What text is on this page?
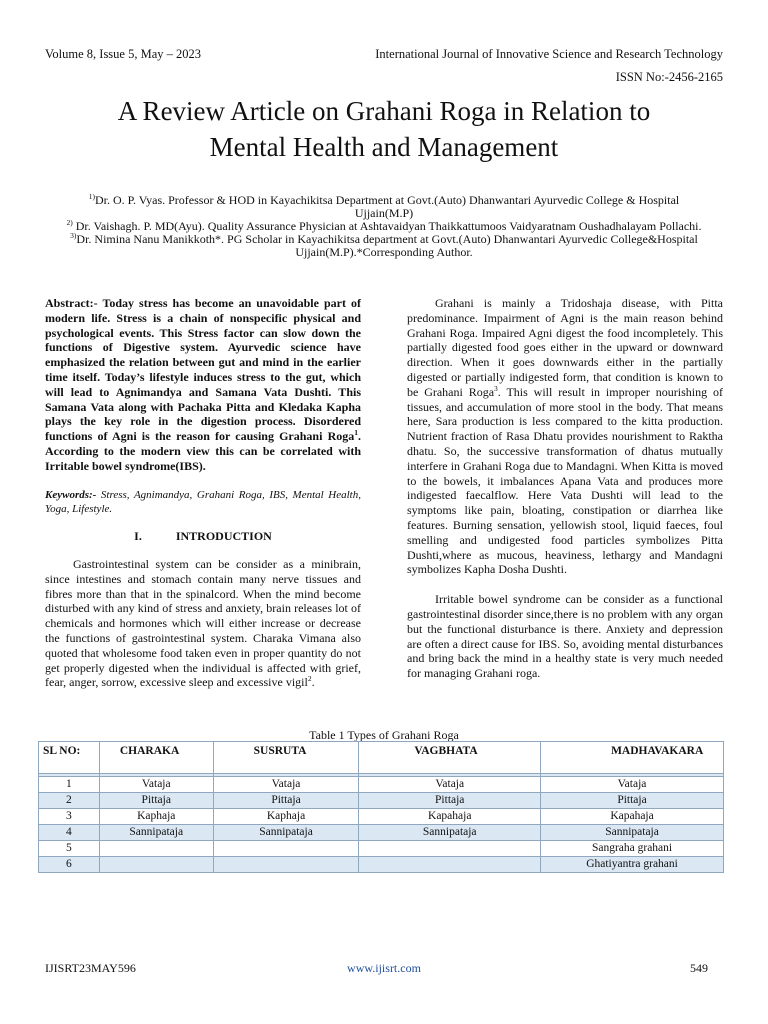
Volume 8, Issue 5, May – 2023	International Journal of Innovative Science and Research Technology
ISSN No:-2456-2165
A Review Article on Grahani Roga in Relation to
Mental Health and Management

$^{1)}$Dr. O. P. Vyas. Professor & HOD in Kayachikitsa Department at Govt.(Auto) Dhanwantari Ayurvedic College & Hospital

Ujjain(M.P)

$^{2)}$ Dr. Vaishagh. P. MD(Ayu). Quality Assurance Physician at Ashtavaidyan Thaikkattumoos Vaidyaratnam Oushadhalayam Pollachi.

$^{3)}$Dr. Nimina Nanu Manikkoth*. PG Scholar in Kayachikitsa department at Govt.(Auto) Dhanwantari Ayurvedic College&Hospital

Ujjain(M.P).*Corresponding Author.

Abstract:- Today stress has become an unavoidable part of modern life. Stress is a chain of nonspecific physical and psychological events. This Stress factor can slow down the functions of Digestive system. Ayurvedic science have emphasized the relation between gut and mind in the earlier time itself. Today’s lifestyle induces stress to the gut, which will lead to Agnimandya and Samana Vata Dushti. This Samana Vata along with Pachaka Pitta and Kledaka Kapha plays the key role in the digestion process. Disordered functions of Agni is the reason for causing Grahani Roga$^1$. According to the modern view this can be correlated with Irritable bowel syndrome(IBS).

Keywords:- Stress, Agnimandya, Grahani Roga, IBS, Mental Health, Yoga, Lifestyle.

I.	INTRODUCTION

Gastrointestinal system can be consider as a minibrain, since intestines and stomach contain many nerve tissues and fibres more than that in the spinalcord. When the mind become disturbed with any kind of stress and anxiety, brain releases lot of chemicals and hormones which will either increase or decrease the functions of gastrointestinal system. Charaka Vimana also quoted that wholesome food taken even in proper quantity do not get properly digested when the individual is affected with grief, fear, anger, sorrow, excessive sleep and excessive vigil$^2$.

Grahani is mainly a Tridoshaja disease, with Pitta predominance. Impairment of Agni is the main reason behind Grahani Roga. Impaired Agni digest the food incompletely. This partially digested food goes either in the upward or downward direction. When it goes downwards either in the partially digested or partially indigested form, that condition is known to be Grahani Roga$^3$. This will result in improper nourishing of tissues, and accumulation of more stool in the body. That means here, Sara production is less compared to the kitta production. Nutrient fraction of Rasa Dhatu provides nourishment to Raktha dhatu. So, the successive transformation of dhatus mutually interfere in Grahani Roga due to Mandagni. When Kitta is moved to the bowels, it imbalances Apana Vata and produces more indigested faecalflow. Here Vata Dushti will lead to the symptoms like pain, bloating, constipation or diarrhea like features. Burning sensation, yellowish stool, liquid faeces, foul smelling and undigested food particles symbolizes Pitta Dushti,where as mucous, heaviness, lethargy and Mandagni symbolizes Kapha Dosha Dushti.

Irritable bowel syndrome can be consider as a functional gastrointestinal disorder since,there is no problem with any organ but the functional disturbance is there. Anxiety and depression are often a direct cause for IBS. So, avoiding mental disturbances and bring back the mind in a healthy state is very much needed for managing Grahani roga.

Table 1 Types of Grahani Roga
SL NO:	CHARAKA	SUSRUTA	VAGBHATA	MADHAVAKARA

1	Vataja	Vataja	Vataja	Vataja
2	Pittaja	Pittaja	Pittaja	Pittaja
3	Kaphaja	Kaphaja	Kapahaja	Kapahaja
4	Sannipataja	Sannipataja	Sannipataja	Sannipataja
5				Sangraha grahani
6				Ghatiyantra grahani
IJISRT23MAY596	www.ijisrt.com	549
